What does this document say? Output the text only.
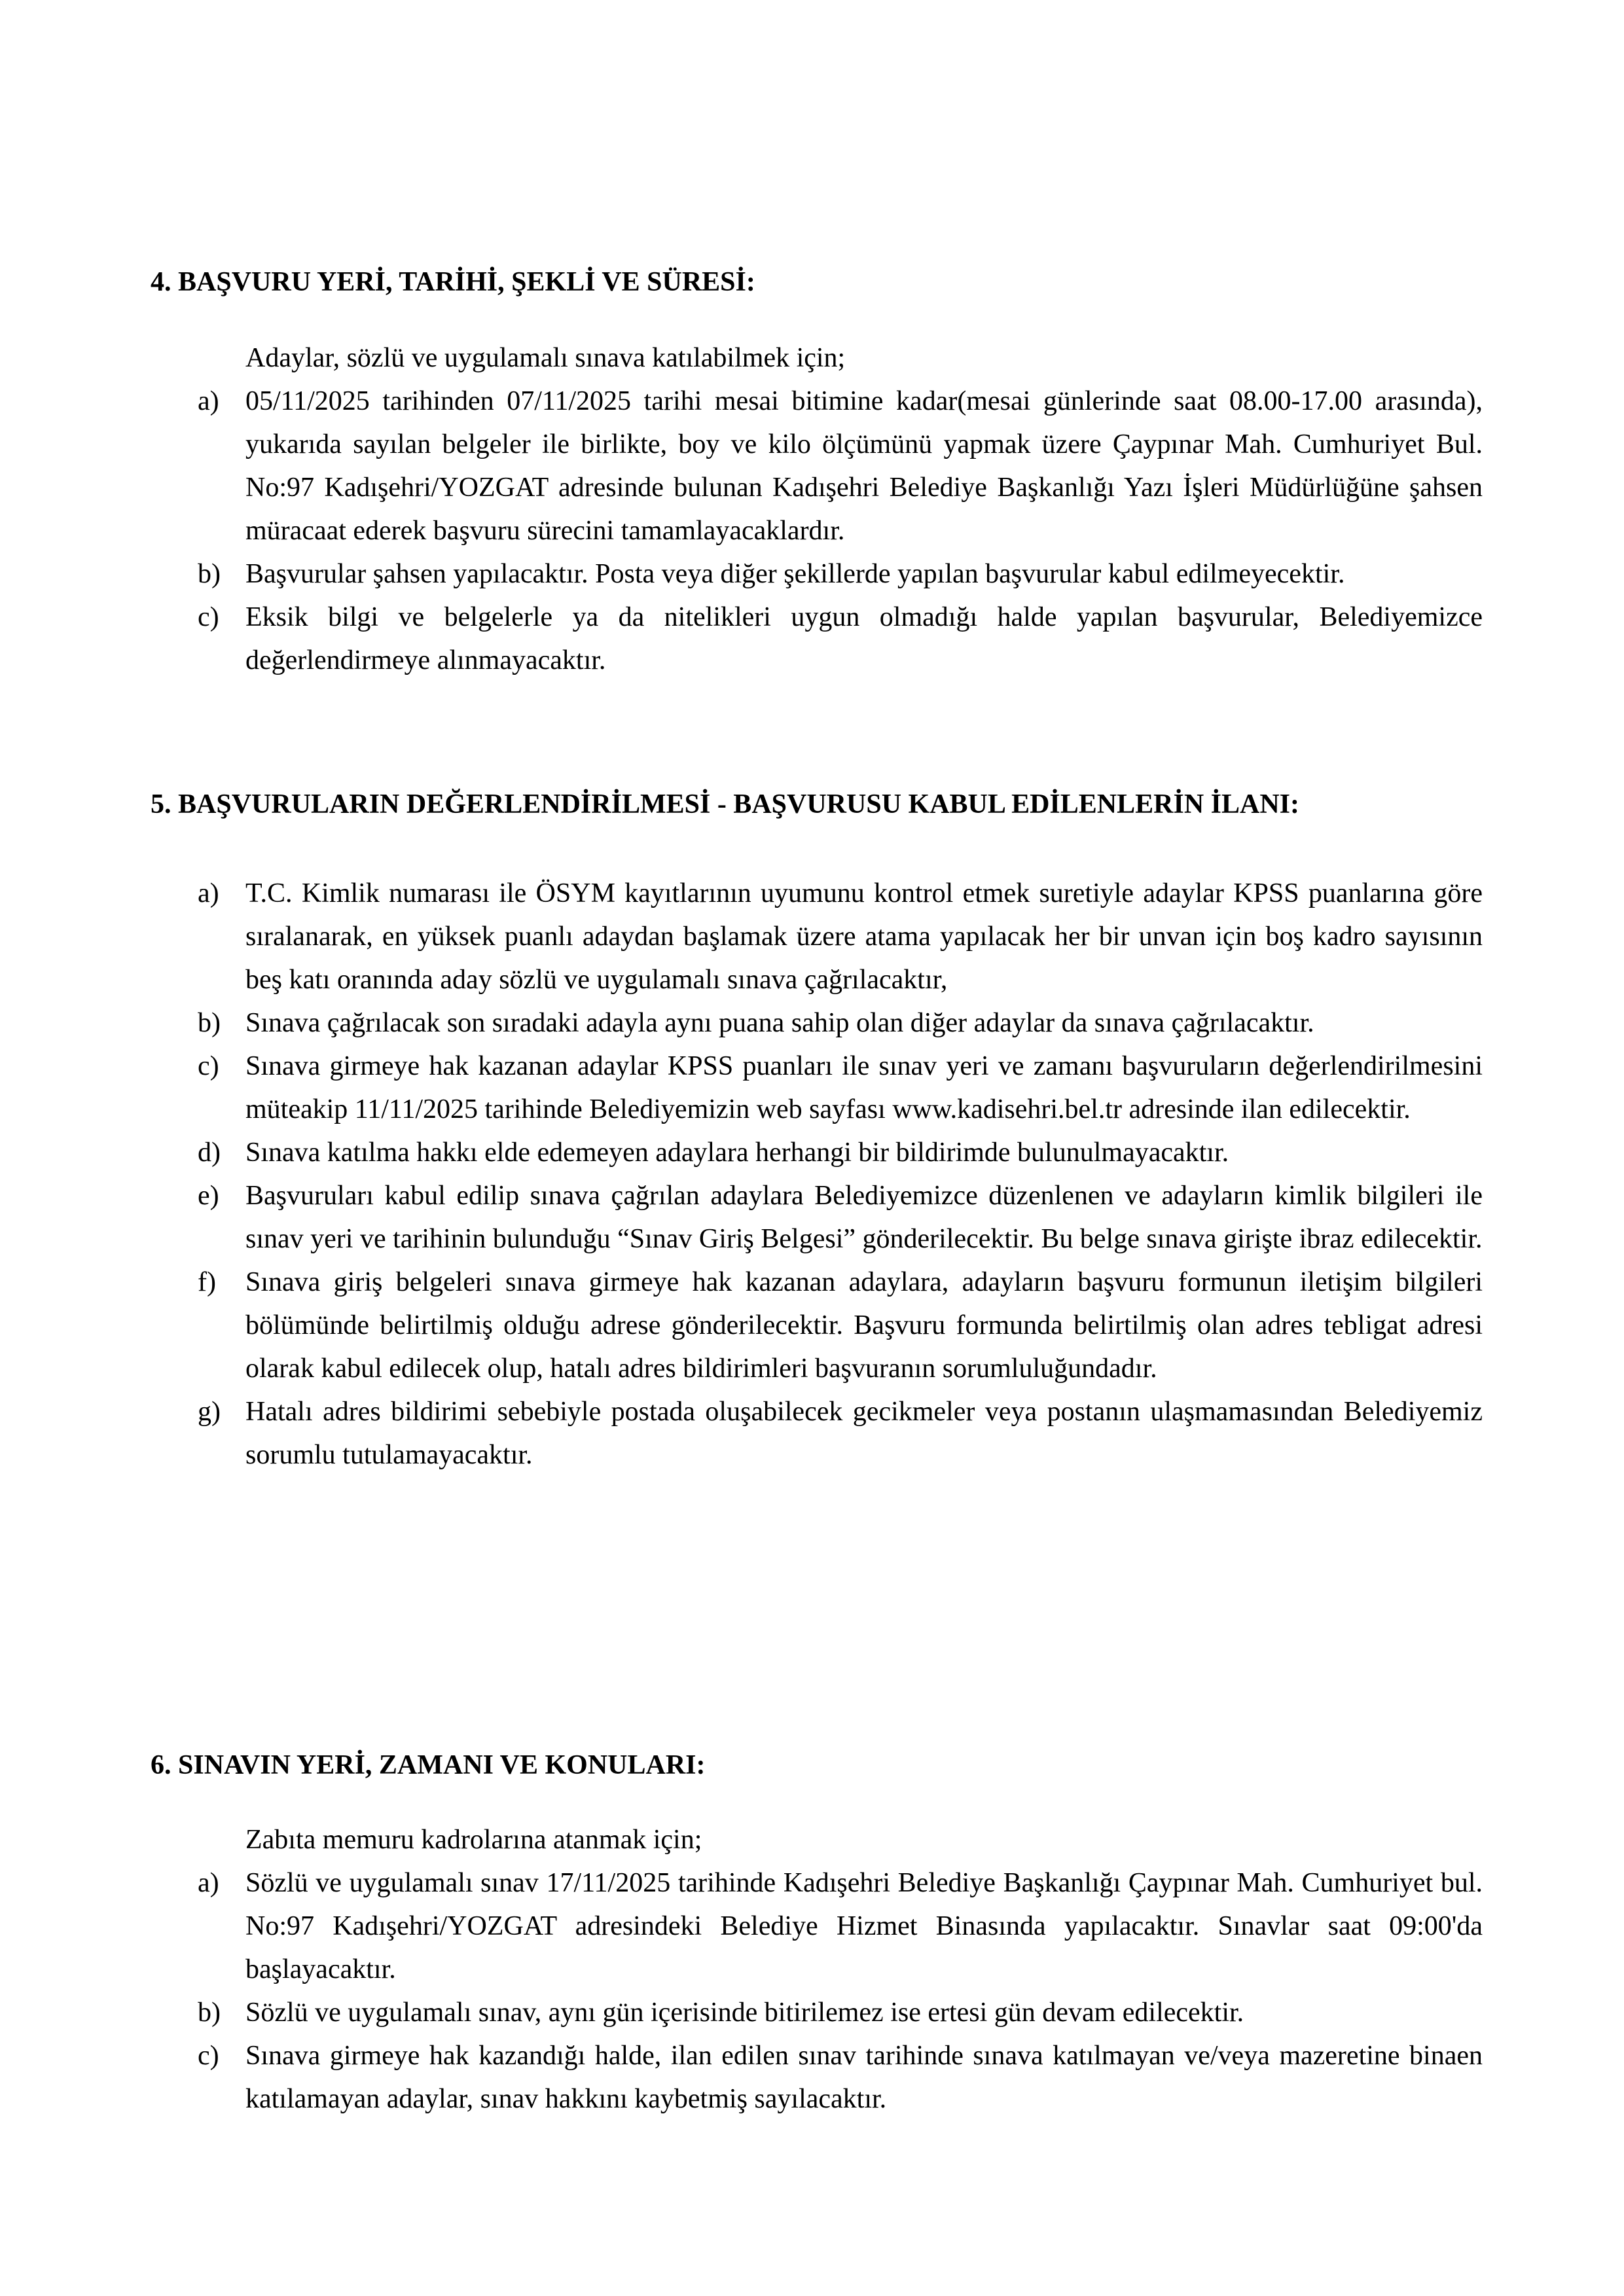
4. BAŞVURU YERİ, TARİHİ, ŞEKLİ VE SÜRESİ:

Adaylar, sözlü ve uygulamalı sınava katılabilmek için;

a) 05/11/2025 tarihinden 07/11/2025 tarihi mesai bitimine kadar(mesai günlerinde saat 08.00-17.00 arasında), yukarıda sayılan belgeler ile birlikte, boy ve kilo ölçümünü yapmak üzere Çaypınar Mah. Cumhuriyet Bul. No:97 Kadışehri/YOZGAT adresinde bulunan Kadışehri Belediye Başkanlığı Yazı İşleri Müdürlüğüne şahsen müracaat ederek başvuru sürecini tamamlayacaklardır.
b) Başvurular şahsen yapılacaktır. Posta veya diğer şekillerde yapılan başvurular kabul edilmeyecektir.
c) Eksik bilgi ve belgelerle ya da nitelikleri uygun olmadığı halde yapılan başvurular, Belediyemizce değerlendirmeye alınmayacaktır.

5. BAŞVURULARIN DEĞERLENDİRİLMESİ - BAŞVURUSU KABUL EDİLENLERİN İLANI:

a) T.C. Kimlik numarası ile ÖSYM kayıtlarının uyumunu kontrol etmek suretiyle adaylar KPSS puanlarına göre sıralanarak, en yüksek puanlı adaydan başlamak üzere atama yapılacak her bir unvan için boş kadro sayısının beş katı oranında aday sözlü ve uygulamalı sınava çağrılacaktır,
b) Sınava çağrılacak son sıradaki adayla aynı puana sahip olan diğer adaylar da sınava çağrılacaktır.
c) Sınava girmeye hak kazanan adaylar KPSS puanları ile sınav yeri ve zamanı başvuruların değerlendirilmesini müteakip 11/11/2025 tarihinde Belediyemizin web sayfası www.kadisehri.bel.tr adresinde ilan edilecektir.
d) Sınava katılma hakkı elde edemeyen adaylara herhangi bir bildirimde bulunulmayacaktır.
e) Başvuruları kabul edilip sınava çağrılan adaylara Belediyemizce düzenlenen ve adayların kimlik bilgileri ile sınav yeri ve tarihinin bulunduğu “Sınav Giriş Belgesi” gönderilecektir. Bu belge sınava girişte ibraz edilecektir.
f) Sınava giriş belgeleri sınava girmeye hak kazanan adaylara, adayların başvuru formunun iletişim bilgileri bölümünde belirtilmiş olduğu adrese gönderilecektir. Başvuru formunda belirtilmiş olan adres tebligat adresi olarak kabul edilecek olup, hatalı adres bildirimleri başvuranın sorumluluğundadır.
g) Hatalı adres bildirimi sebebiyle postada oluşabilecek gecikmeler veya postanın ulaşmamasından Belediyemiz sorumlu tutulamayacaktır.

6. SINAVIN YERİ, ZAMANI VE KONULARI:

Zabıta memuru kadrolarına atanmak için;

a) Sözlü ve uygulamalı sınav 17/11/2025 tarihinde Kadışehri Belediye Başkanlığı Çaypınar Mah. Cumhuriyet bul. No:97 Kadışehri/YOZGAT adresindeki Belediye Hizmet Binasında yapılacaktır. Sınavlar saat 09:00'da başlayacaktır.
b) Sözlü ve uygulamalı sınav, aynı gün içerisinde bitirilemez ise ertesi gün devam edilecektir.
c) Sınava girmeye hak kazandığı halde, ilan edilen sınav tarihinde sınava katılmayan ve/veya mazeretine binaen katılamayan adaylar, sınav hakkını kaybetmiş sayılacaktır.
